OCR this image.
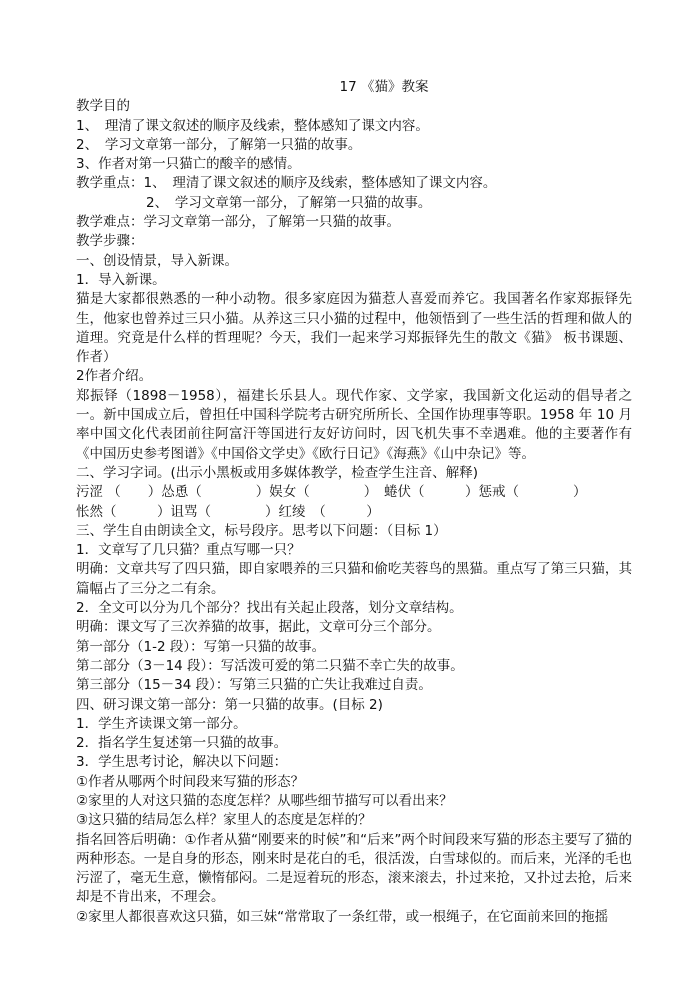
17 《猫》教案
教学目的
1、　理清了课文叙述的顺序及线索，整体感知了课文内容。
2、　学习文章第一部分，了解第一只猫的故事。
3、作者对第一只猫亡的酸辛的感情。
教学重点：1、　理清了课文叙述的顺序及线索，整体感知了课文内容。
2、　学习文章第一部分，了解第一只猫的故事。
教学难点：学习文章第一部分，了解第一只猫的故事。
教学步骤：
一、创设情景，导入新课。
1．导入新课。
猫是大家都很熟悉的一种小动物。很多家庭因为猫惹人喜爱而养它。我国著名作家郑振铎先生，他家也曾养过三只小猫。从养这三只小猫的过程中，他领悟到了一些生活的哲理和做人的道理。究竟是什么样的哲理呢？今天，我们一起来学习郑振铎先生的散文《猫》 板书课题、作者）
2作者介绍。
郑振铎（1898－1958），福建长乐县人。现代作家、文学家，我国新文化运动的倡导者之一。新中国成立后，曾担任中国科学院考古研究所所长、全国作协理事等职。1958 年 10 月率中国文化代表团前往阿富汗等国进行友好访问时，因飞机失事不幸遇难。他的主要著作有《中国历史参考图谱》《中国俗文学史》《欧行日记》《海燕》《山中杂记》等。
二、学习字词。(出示小黑板或用多媒体教学，检查学生注音、解释)
污涩 （　　）怂恿（　　　　）娱女（　　　　）　蜷伏（　　　）惩戒（　　　　）
怅然（　　　）诅骂（　　　　）红绫　（　　　）
三、学生自由朗读全文，标号段序。思考以下问题：（目标 1）
1．文章写了几只猫？重点写哪一只？
明确：文章共写了四只猫，即自家喂养的三只猫和偷吃芙蓉鸟的黑猫。重点写了第三只猫，其篇幅占了三分之二有余。
2．全文可以分为几个部分？找出有关起止段落，划分文章结构。
明确：课文写了三次养猫的故事，据此，文章可分三个部分。
第一部分（1-2 段）：写第一只猫的故事。
第二部分（3－14 段）：写活泼可爱的第二只猫不幸亡失的故事。
第三部分（15－34 段）：写第三只猫的亡失让我难过自责。
四、研习课文第一部分：第一只猫的故事。(目标 2)
1．学生齐读课文第一部分。
2．指名学生复述第一只猫的故事。
3．学生思考讨论，解决以下问题：
①作者从哪两个时间段来写猫的形态？
②家里的人对这只猫的态度怎样？从哪些细节描写可以看出来？
③这只猫的结局怎么样？家里人的态度是怎样的？
指名回答后明确：①作者从猫“刚要来的时候”和“后来”两个时间段来写猫的形态主要写了猫的两种形态。一是自身的形态，刚来时是花白的毛，很活泼，白雪球似的。而后来，光泽的毛也污涩了，毫无生意，懒惰郁闷。二是逗着玩的形态，滚来滚去，扑过来抢，又扑过去抢，后来却是不肯出来，不理会。
②家里人都很喜欢这只猫，如三妹“常常取了一条红带，或一根绳子，在它面前来回的拖摇
